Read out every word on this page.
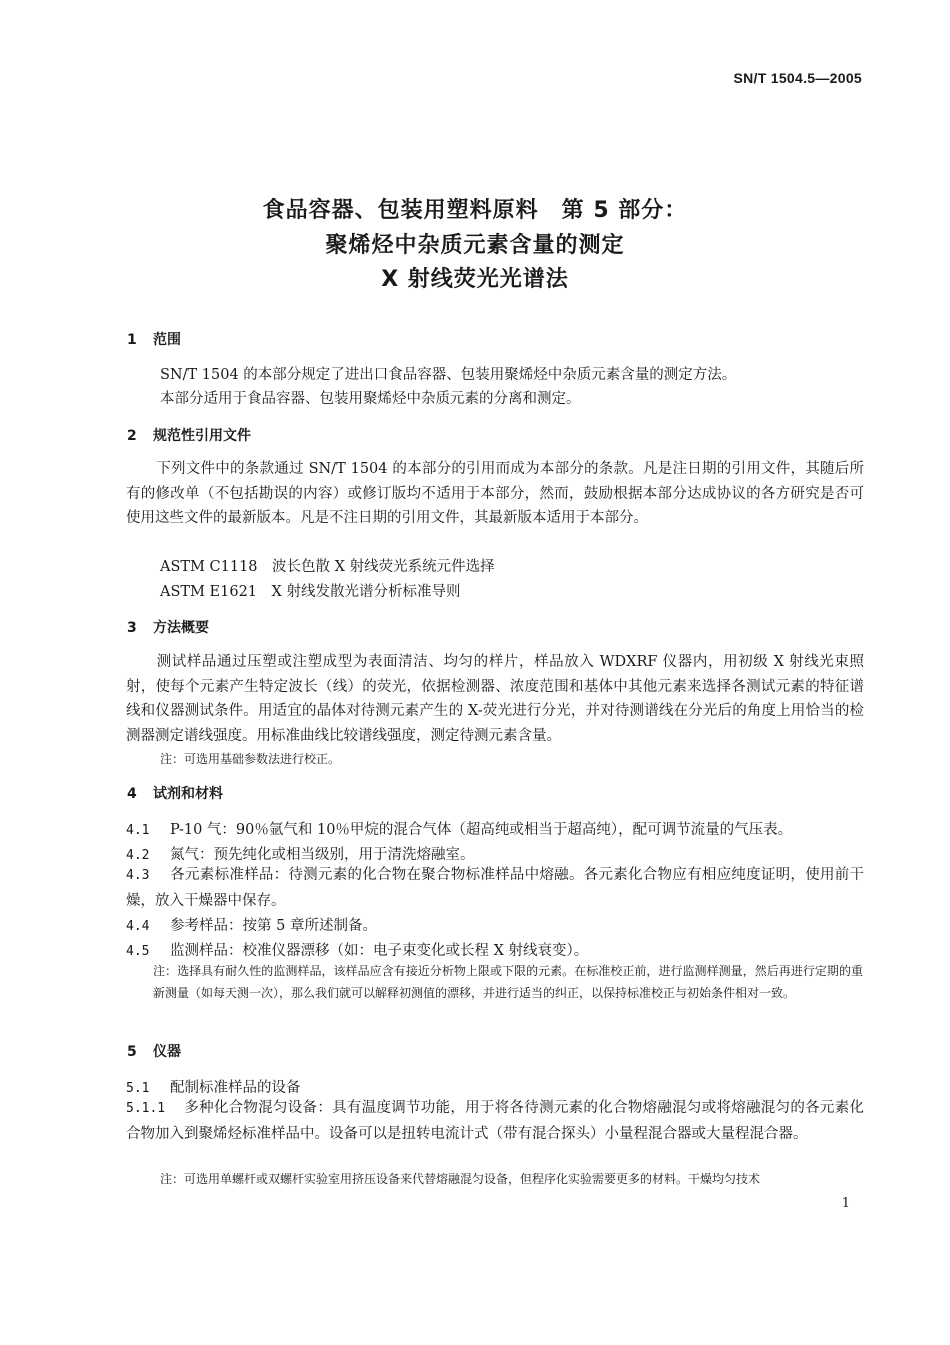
SN/T 1504.5—2005
食品容器、包装用塑料原料　第 5 部分：
聚烯烃中杂质元素含量的测定
X 射线荧光光谱法
1 范围
SN/T 1504 的本部分规定了进出口食品容器、包装用聚烯烃中杂质元素含量的测定方法。
本部分适用于食品容器、包装用聚烯烃中杂质元素的分离和测定。
2 规范性引用文件
下列文件中的条款通过 SN/T 1504 的本部分的引用而成为本部分的条款。凡是注日期的引用文件，其随后所有的修改单（不包括勘误的内容）或修订版均不适用于本部分，然而，鼓励根据本部分达成协议的各方研究是否可使用这些文件的最新版本。凡是不注日期的引用文件，其最新版本适用于本部分。
ASTM C1118　波长色散 X 射线荧光系统元件选择
ASTM E1621　X 射线发散光谱分析标准导则
3 方法概要
测试样品通过压塑或注塑成型为表面清洁、均匀的样片，样品放入 WDXRF 仪器内，用初级 X 射线光束照射，使每个元素产生特定波长（线）的荧光，依据检测器、浓度范围和基体中其他元素来选择各测试元素的特征谱线和仪器测试条件。用适宜的晶体对待测元素产生的 X-荧光进行分光，并对待测谱线在分光后的角度上用恰当的检测器测定谱线强度。用标准曲线比较谱线强度，测定待测元素含量。
注：可选用基础参数法进行校正。
4 试剂和材料
4.1 P-10 气：90％氩气和 10％甲烷的混合气体（超高纯或相当于超高纯），配可调节流量的气压表。
4.2 氮气：预先纯化或相当级别，用于清洗熔融室。
4.3 各元素标准样品：待测元素的化合物在聚合物标准样品中熔融。各元素化合物应有相应纯度证明，使用前干燥，放入干燥器中保存。
4.4 参考样品：按第 5 章所述制备。
4.5 监测样品：校准仪器漂移（如：电子束变化或长程 X 射线衰变）。
注：选择具有耐久性的监测样品，该样品应含有接近分析物上限或下限的元素。在标准校正前，进行监测样测量，然后再进行定期的重新测量（如每天测一次），那么我们就可以解释初测值的漂移，并进行适当的纠正，以保持标准校正与初始条件相对一致。
5 仪器
5.1 配制标准样品的设备
5.1.1 多种化合物混匀设备：具有温度调节功能，用于将各待测元素的化合物熔融混匀或将熔融混匀的各元素化合物加入到聚烯烃标准样品中。设备可以是扭转电流计式（带有混合探头）小量程混合器或大量程混合器。
注：可选用单螺杆或双螺杆实验室用挤压设备来代替熔融混匀设备，但程序化实验需要更多的材料。干燥均匀技术
1
